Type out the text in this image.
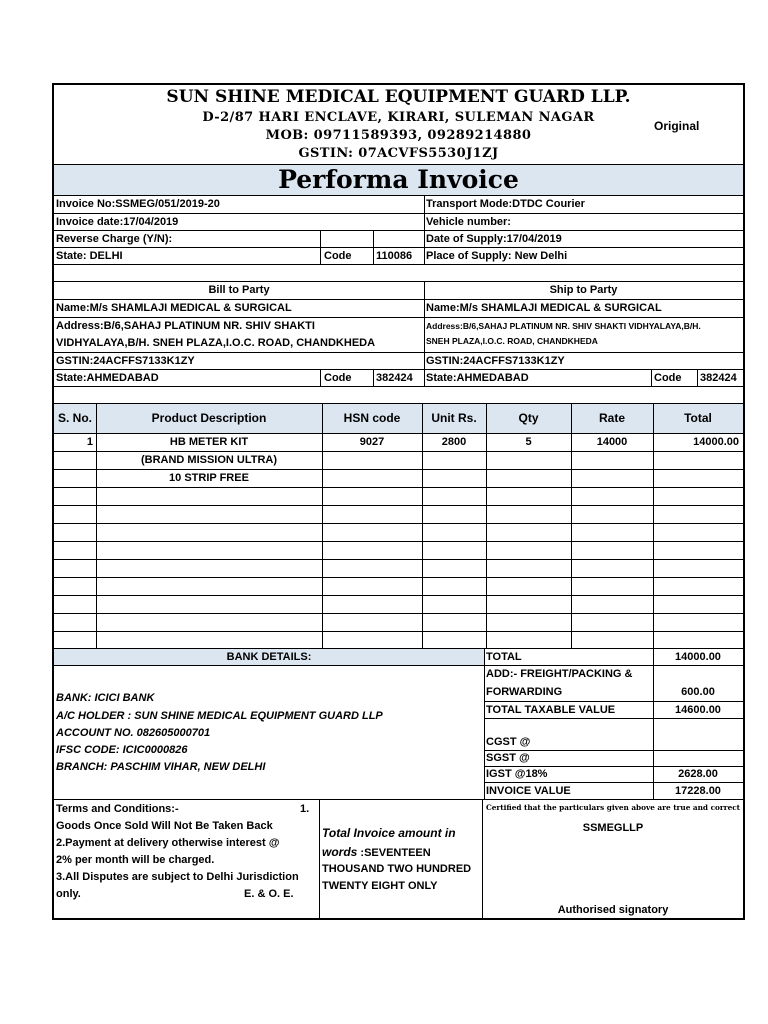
SUN SHINE MEDICAL EQUIPMENT GUARD LLP.
D-2/87 HARI ENCLAVE, KIRARI, SULEMAN NAGAR
MOB: 09711589393, 09289214880
GSTIN: 07ACVFS5530J1ZJ
Original
Performa Invoice
Invoice No:SSMEG/051/2019-20	Transport Mode:DTDC Courier
Invoice date:17/04/2019	Vehicle number:
Reverse Charge (Y/N):	Date of Supply:17/04/2019
State: DELHI	Code	110086	Place of Supply: New Delhi
Bill to Party	Ship to Party
Name:M/s SHAMLAJI MEDICAL & SURGICAL	Name:M/s SHAMLAJI MEDICAL & SURGICAL
Address:B/6,SAHAJ PLATINUM NR. SHIV SHAKTI	Address:B/6,SAHAJ PLATINUM NR. SHIV SHAKTI VIDHYALAYA,B/H.
VIDHYALAYA,B/H. SNEH PLAZA,I.O.C. ROAD, CHANDKHEDA	SNEH PLAZA,I.O.C. ROAD, CHANDKHEDA
GSTIN:24ACFFS7133K1ZY	GSTIN:24ACFFS7133K1ZY
State:AHMEDABAD	Code	382424	State:AHMEDABAD	Code 382424
S. No.	Product Description	HSN code	Unit Rs.	Qty	Rate	Total
1	HB METER KIT	9027	2800	5	14000	14000.00
(BRAND MISSION ULTRA)
10 STRIP FREE
BANK DETAILS:
BANK: ICICI BANK
A/C HOLDER : SUN SHINE MEDICAL EQUIPMENT GUARD LLP
ACCOUNT NO. 082605000701
IFSC CODE: ICIC0000826
BRANCH: PASCHIM VIHAR, NEW DELHI
TOTAL	14000.00
ADD:- FREIGHT/PACKING &
FORWARDING	600.00
TOTAL TAXABLE VALUE	14600.00
CGST @
SGST @
IGST @18%	2628.00
INVOICE VALUE	17228.00
Terms and Conditions:-	1.
Goods Once Sold Will Not Be Taken Back
2.Payment at delivery otherwise interest @
2% per month will be charged.
3.All Disputes are subject to Delhi Jurisdiction
only.	E. & O. E.
Total Invoice amount in
words :SEVENTEEN
THOUSAND TWO HUNDRED
TWENTY EIGHT ONLY
Certified that the particulars given above are true and correct
SSMEGLLP
Authorised signatory
